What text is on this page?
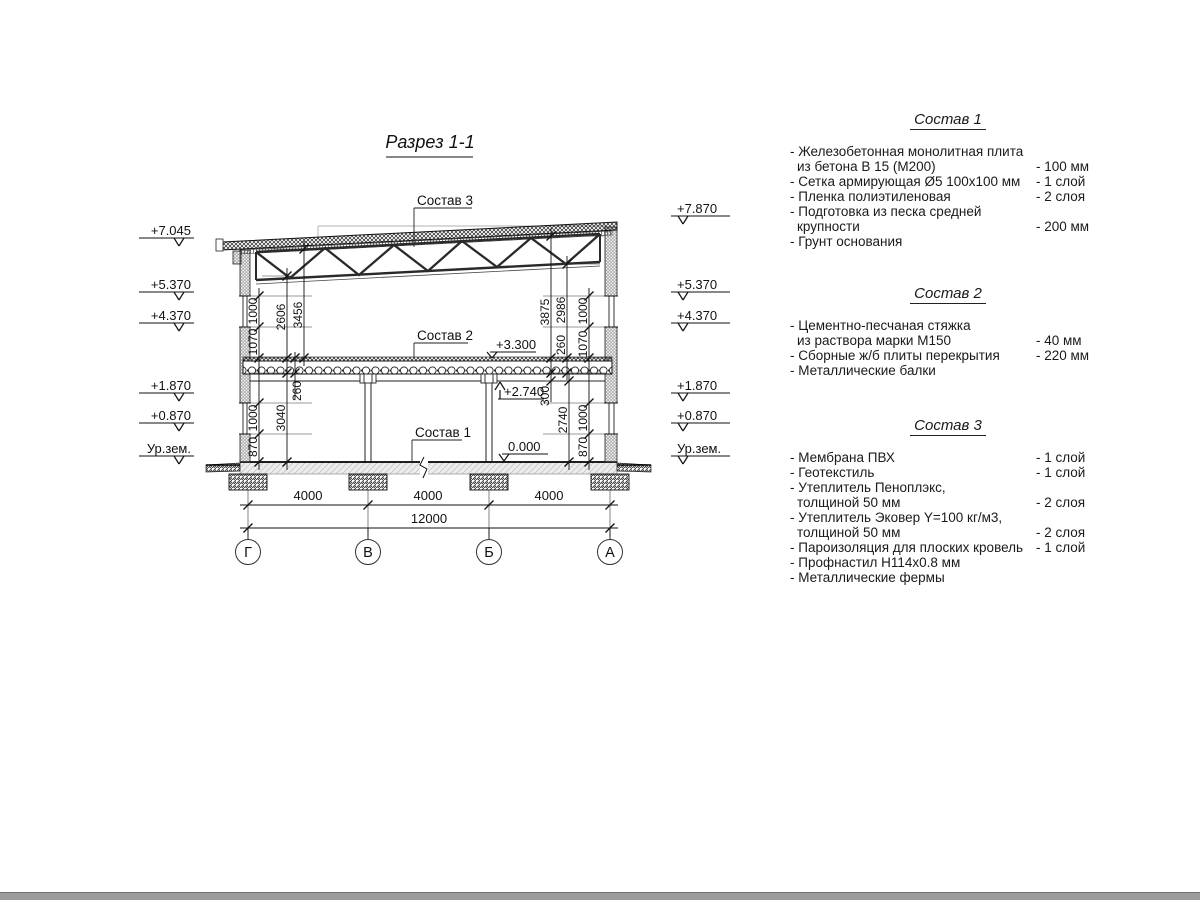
1000
1070
2606 3456
260
3040
1000
870
3875 2986 1000
260 1070
300
2740 1000
870
4000	4000	4000
12000
Г	В	Б	А
+7.045
+5.370
+4.370
+1.870
+0.870
Ур.зем.
+7.870
+5.370
+4.370
+1.870
+0.870
Ур.зем.
+3.300
+2.740
0.000
Состав 3
Состав 2
Состав 1
Разрез 1-1
Состав 1
- Железобетонная монолитная плита
из бетона В 15 (М200)	- 100 мм
- Сетка армирующая Ø5 100х100 мм	- 1 слой
- Пленка полиэтиленовая	- 2 слоя
- Подготовка из песка средней
крупности	- 200 мм
- Грунт основания
Состав 2
- Цементно-песчаная стяжка
из раствора марки М150	- 40 мм
- Сборные ж/б плиты перекрытия	- 220 мм
- Металлические балки
Состав 3
- Мембрана ПВХ	- 1 слой
- Геотекстиль	- 1 слой
- Утеплитель Пеноплэкс,
толщиной 50 мм	- 2 слоя
- Утеплитель Эковер Y=100 кг/м3,
толщиной 50 мм	- 2 слоя
- Пароизоляция для плоских кровель - 1 слой
- Профнастил Н114х0.8 мм
- Металлические фермы
